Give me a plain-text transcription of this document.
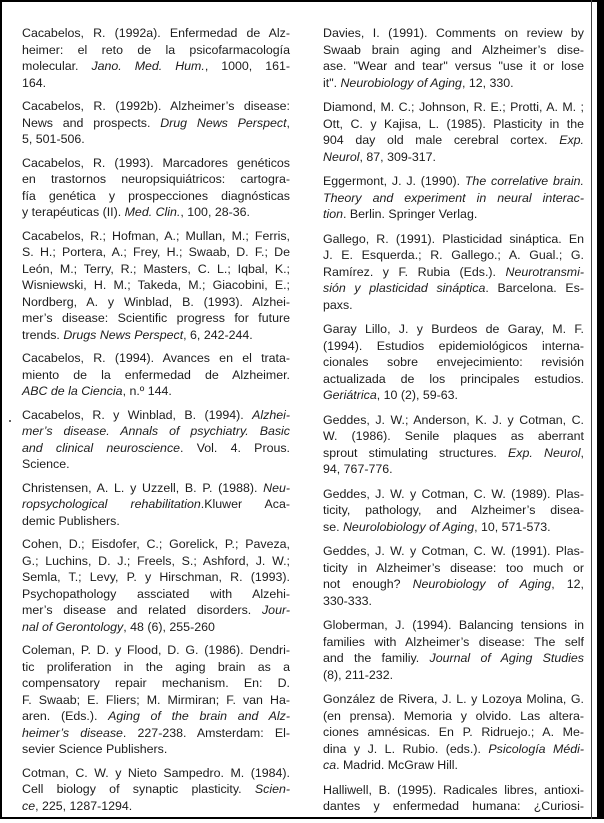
Cacabelos, R. (1992a). Enfermedad de Alz-
heimer: el reto de la psicofarmacología
molecular. Jano. Med. Hum., 1000, 161-
164.
Cacabelos, R. (1992b). Alzheimer’s disease:
News and prospects. Drug News Perspect,
5, 501-506.
Cacabelos, R. (1993). Marcadores genéticos
en trastornos neuropsiquiátricos: cartogra-
fía genética y prospecciones diagnósticas
y terapéuticas (II). Med. Clin., 100, 28-36.
Cacabelos, R.; Hofman, A.; Mullan, M.; Ferris,
S. H.; Portera, A.; Frey, H.; Swaab, D. F.; De
León, M.; Terry, R.; Masters, C. L.; Iqbal, K.;
Wisniewski, H. M.; Takeda, M.; Giacobini, E.;
Nordberg, A. y Winblad, B. (1993). Alzhei-
mer’s disease: Scientific progress for future
trends. Drugs News Perspect, 6, 242-244.
Cacabelos, R. (1994). Avances en el trata-
miento de la enfermedad de Alzheimer.
ABC de la Ciencia, n.º 144.
Cacabelos, R. y Winblad, B. (1994). Alzhei-
mer’s disease. Annals of psychiatry. Basic
and clinical neuroscience. Vol. 4. Prous.
Science.
Christensen, A. L. y Uzzell, B. P. (1988). Neu-
ropsychological rehabilitation.Kluwer Aca-
demic Publishers.
Cohen, D.; Eisdofer, C.; Gorelick, P.; Paveza,
G.; Luchins, D. J.; Freels, S.; Ashford, J. W.;
Semla, T.; Levy, P. y Hirschman, R. (1993).
Psychopathology assciated with Alzehi-
mer’s disease and related disorders. Jour-
nal of Gerontology, 48 (6), 255-260
Coleman, P. D. y Flood, D. G. (1986). Dendri-
tic proliferation in the aging brain as a
compensatory repair mechanism. En: D.
F. Swaab; E. Fliers; M. Mirmiran; F. van Ha-
aren. (Eds.). Aging of the brain and Alz-
heimer’s disease. 227-238. Amsterdam: El-
sevier Science Publishers.
Cotman, C. W. y Nieto Sampedro. M. (1984).
Cell biology of synaptic plasticity. Scien-
ce, 225, 1287-1294.
Davies, I. (1991). Comments on review by
Swaab brain aging and Alzheimer’s dise-
ase. "Wear and tear" versus "use it or lose
it". Neurobiology of Aging, 12, 330.
Diamond, M. C.; Johnson, R. E.; Protti, A. M. ;
Ott, C. y Kajisa, L. (1985). Plasticity in the
904 day old male cerebral cortex. Exp.
Neurol, 87, 309-317.
Eggermont, J. J. (1990). The correlative brain.
Theory and experiment in neural interac-
tion. Berlin. Springer Verlag.
Gallego, R. (1991). Plasticidad sináptica. En
J. E. Esquerda.; R. Gallego.; A. Gual.; G.
Ramírez. y F. Rubia (Eds.). Neurotransmi-
sión y plasticidad sináptica. Barcelona. Es-
paxs.
Garay Lillo, J. y Burdeos de Garay, M. F.
(1994). Estudios epidemiológicos interna-
cionales sobre envejecimiento: revisión
actualizada de los principales estudios.
Geriátrica, 10 (2), 59-63.
Geddes, J. W.; Anderson, K. J. y Cotman, C.
W. (1986). Senile plaques as aberrant
sprout stimulating structures. Exp. Neurol,
94, 767-776.
Geddes, J. W. y Cotman, C. W. (1989). Plas-
ticity, pathology, and Alzheimer’s disea-
se. Neurolobiology of Aging, 10, 571-573.
Geddes, J. W. y Cotman, C. W. (1991). Plas-
ticity in Alzheimer’s disease: too much or
not enough? Neurobiology of Aging, 12,
330-333.
Globerman, J. (1994). Balancing tensions in
families with Alzheimer’s disease: The self
and the familiy. Journal of Aging Studies
(8), 211-232.
González de Rivera, J. L. y Lozoya Molina, G.
(en prensa). Memoria y olvido. Las altera-
ciones amnésicas. En P. Ridruejo.; A. Me-
dina y J. L. Rubio. (eds.). Psicología Médi-
ca. Madrid. McGraw Hill.
Halliwell, B. (1995). Radicales libres, antioxi-
dantes y enfermedad humana: ¿Curiosi-
